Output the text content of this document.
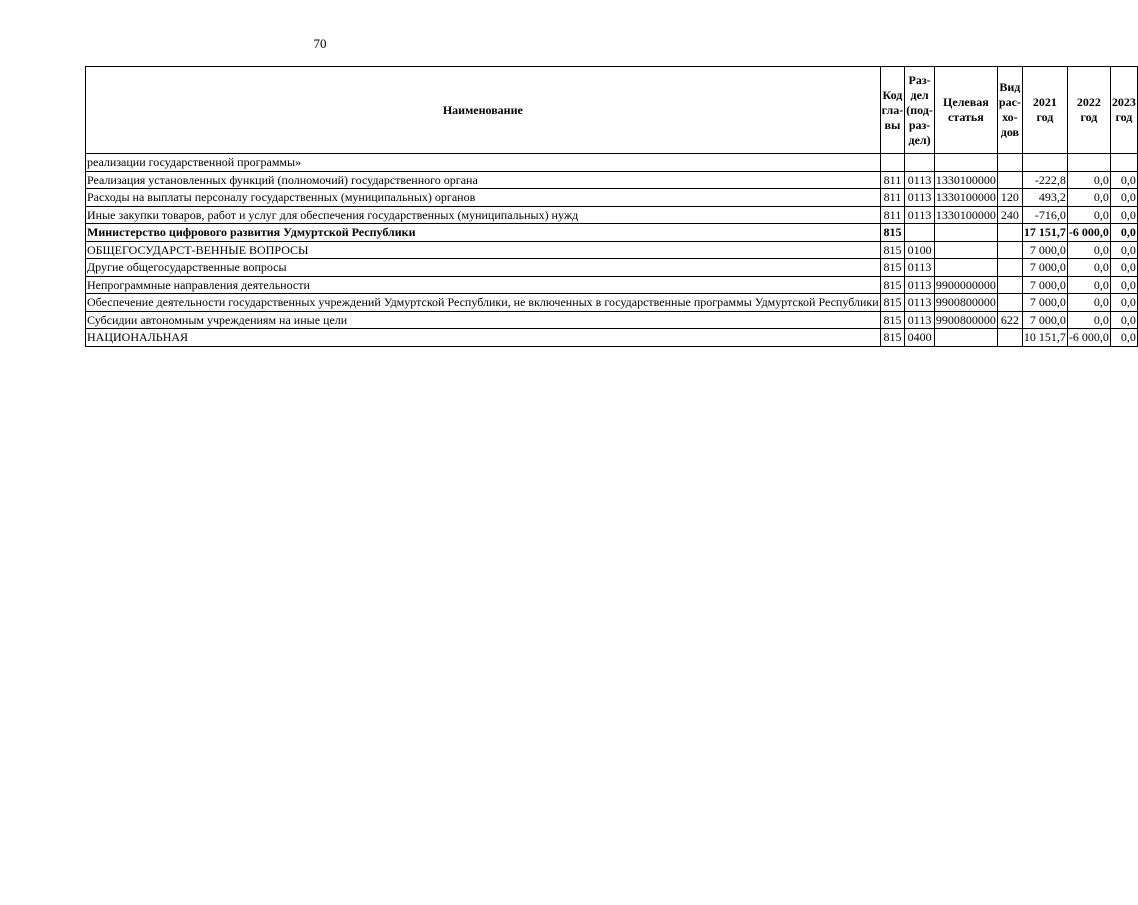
70
Наименование	Код гла-вы	Раз-дел (под-раз-дел)	Целевая статья	Вид рас-хо-дов	2021 год	2022 год	2023 год
реализации государственной программы»							
Реализация установленных функций (полномочий) государственного органа	811	0113	1330100000		-222,8	0,0	0,0
Расходы на выплаты персоналу государственных (муниципальных) органов	811	0113	1330100000	120	493,2	0,0	0,0
Иные закупки товаров, работ и услуг для обеспечения государственных (муниципальных) нужд	811	0113	1330100000	240	-716,0	0,0	0,0
Министерство цифрового развития Удмуртской Республики	815				17 151,7	-6 000,0	0,0
ОБЩЕГОСУДАРСТ-ВЕННЫЕ ВОПРОСЫ	815	0100			7 000,0	0,0	0,0
Другие общегосударственные вопросы	815	0113			7 000,0	0,0	0,0
Непрограммные направления деятельности	815	0113	9900000000		7 000,0	0,0	0,0
Обеспечение деятельности государственных учреждений Удмуртской Республики, не включенных в государственные программы Удмуртской Республики	815	0113	9900800000		7 000,0	0,0	0,0
Субсидии автономным учреждениям на иные цели	815	0113	9900800000	622	7 000,0	0,0	0,0
НАЦИОНАЛЬНАЯ	815	0400			10 151,7	-6 000,0	0,0
